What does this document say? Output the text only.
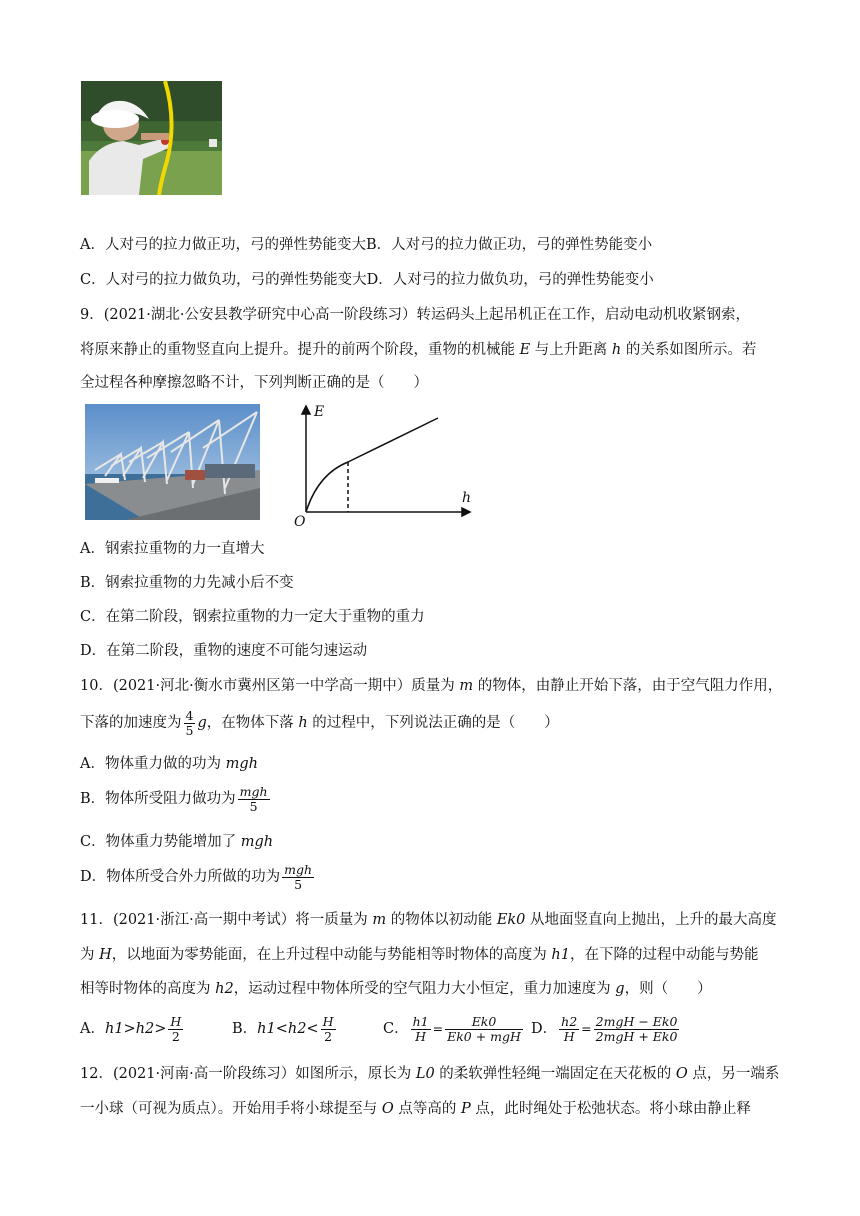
A．人对弓的拉力做正功，弓的弹性势能变大B．人对弓的拉力做正功，弓的弹性势能变小
C．人对弓的拉力做负功，弓的弹性势能变大D．人对弓的拉力做负功，弓的弹性势能变小
9．(2021·湖北·公安县教学研究中心高一阶段练习）转运码头上起吊机正在工作，启动电动机收紧钢索，
将原来静止的重物竖直向上提升。提升的前两个阶段，重物的机械能 E 与上升距离 h 的关系如图所示。若
全过程各种摩擦忽略不计，下列判断正确的是（　　）
E
h
O
A．钢索拉重物的力一直增大
B．钢索拉重物的力先减小后不变
C．在第二阶段，钢索拉重物的力一定大于重物的重力
D．在第二阶段，重物的速度不可能匀速运动
10．(2021·河北·衡水市冀州区第一中学高一期中）质量为 m 的物体，由静止开始下落，由于空气阻力作用，
下落的加速度为 $\frac{4}{5}$ g，在物体下落 h 的过程中，下列说法正确的是（　　）
A．物体重力做的功为 mgh
B．物体所受阻力做功为 $\frac{\text{mgh}}{5}$
C．物体重力势能增加了 mgh
D．物体所受合外力所做的功为 $\frac{\text{mgh}}{5}$
11．(2021·浙江·高一期中考试）将一质量为 m 的物体以初动能 Ek0 从地面竖直向上抛出，上升的最大高度
为 H，以地面为零势能面，在上升过程中动能与势能相等时物体的高度为 h1，在下降的过程中动能与势能
相等时物体的高度为 h2，运动过程中物体所受的空气阻力大小恒定，重力加速度为 g，则（　　）
A．$h1>h2> \frac{H}{2}$	B．$h1<h2< \frac{H}{2}$	C． $\frac{h1}{H} = \frac{Ek0}{\text{Ek0 + mgH}}$ D． $\frac{h2}{H} = \frac{\text{2mgH − Ek0}}{\text{2mgH + Ek0}}$
12．(2021·河南·高一阶段练习）如图所示，原长为 L0 的柔软弹性轻绳一端固定在天花板的 O 点，另一端系
一小球（可视为质点）。开始用手将小球提至与 O 点等高的 P 点，此时绳处于松弛状态。将小球由静止释
